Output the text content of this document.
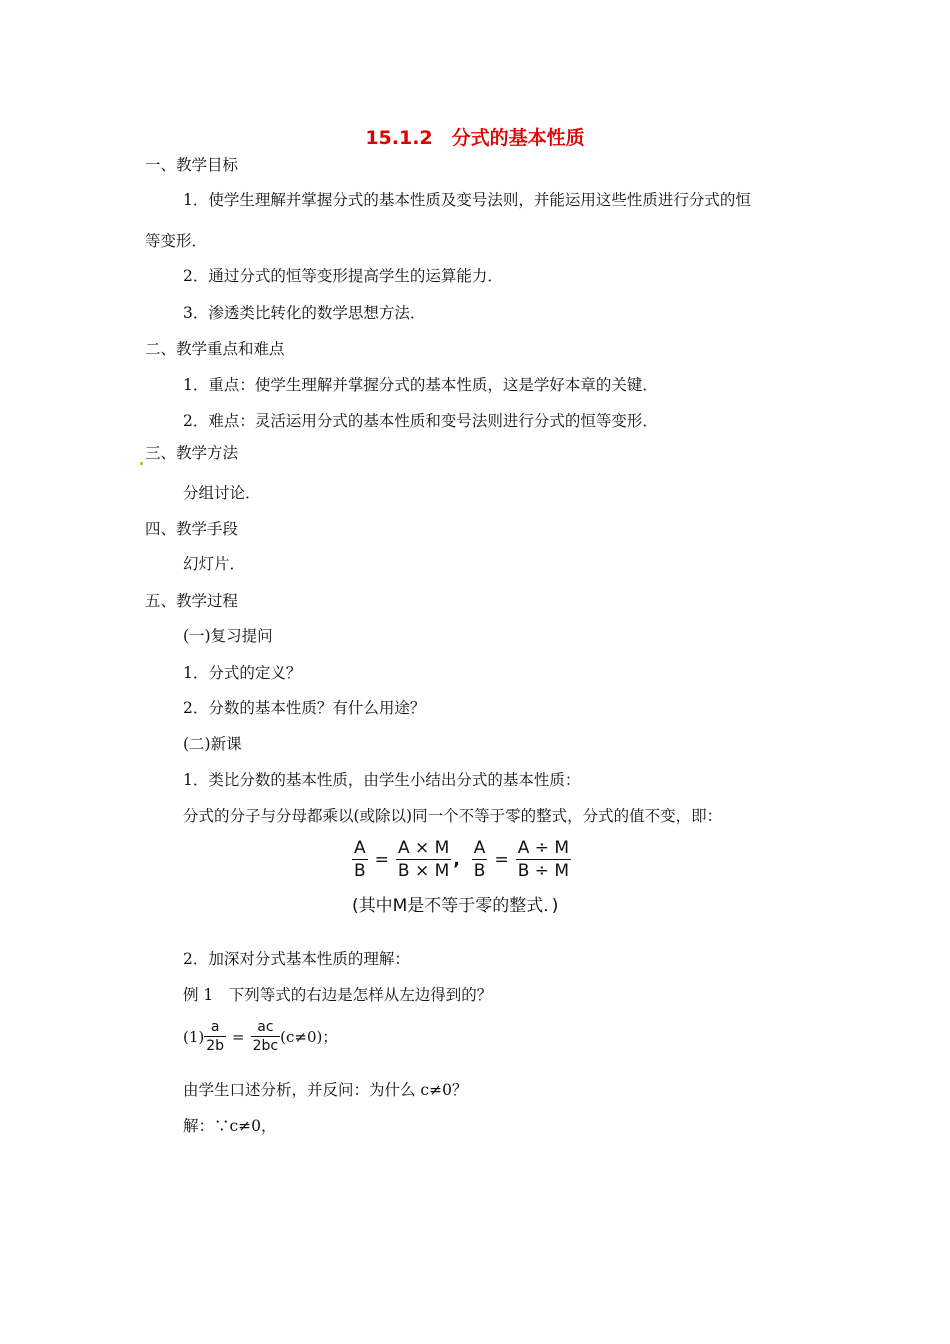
15.1.2　分式的基本性质
一、教学目标
1．使学生理解并掌握分式的基本性质及变号法则，并能运用这些性质进行分式的恒
等变形．
2．通过分式的恒等变形提高学生的运算能力．
3．渗透类比转化的数学思想方法．
二、教学重点和难点
1．重点：使学生理解并掌握分式的基本性质，这是学好本章的关键．
2．难点：灵活运用分式的基本性质和变号法则进行分式的恒等变形．
三、教学方法
分组讨论．
四、教学手段
幻灯片．
五、教学过程
(一)复习提问
1．分式的定义？
2．分数的基本性质？有什么用途？
(二)新课
1．类比分数的基本性质，由学生小结出分式的基本性质：
分式的分子与分母都乘以(或除以)同一个不等于零的整式，分式的值不变，即：
$\frac{A}{B} = \frac{A \times M}{B \times M}$ , $\frac{A}{B} = \frac{A \div M}{B \div M}$
(其中M是不等于零的整式．)
2．加深对分式基本性质的理解：
例 1　下列等式的右边是怎样从左边得到的？
$(1) \frac{a}{2b} = \frac{ac}{2bc} (c\ne 0)$ ；
由学生口述分析，并反问：为什么 c≠0？
解：∵c≠0，
